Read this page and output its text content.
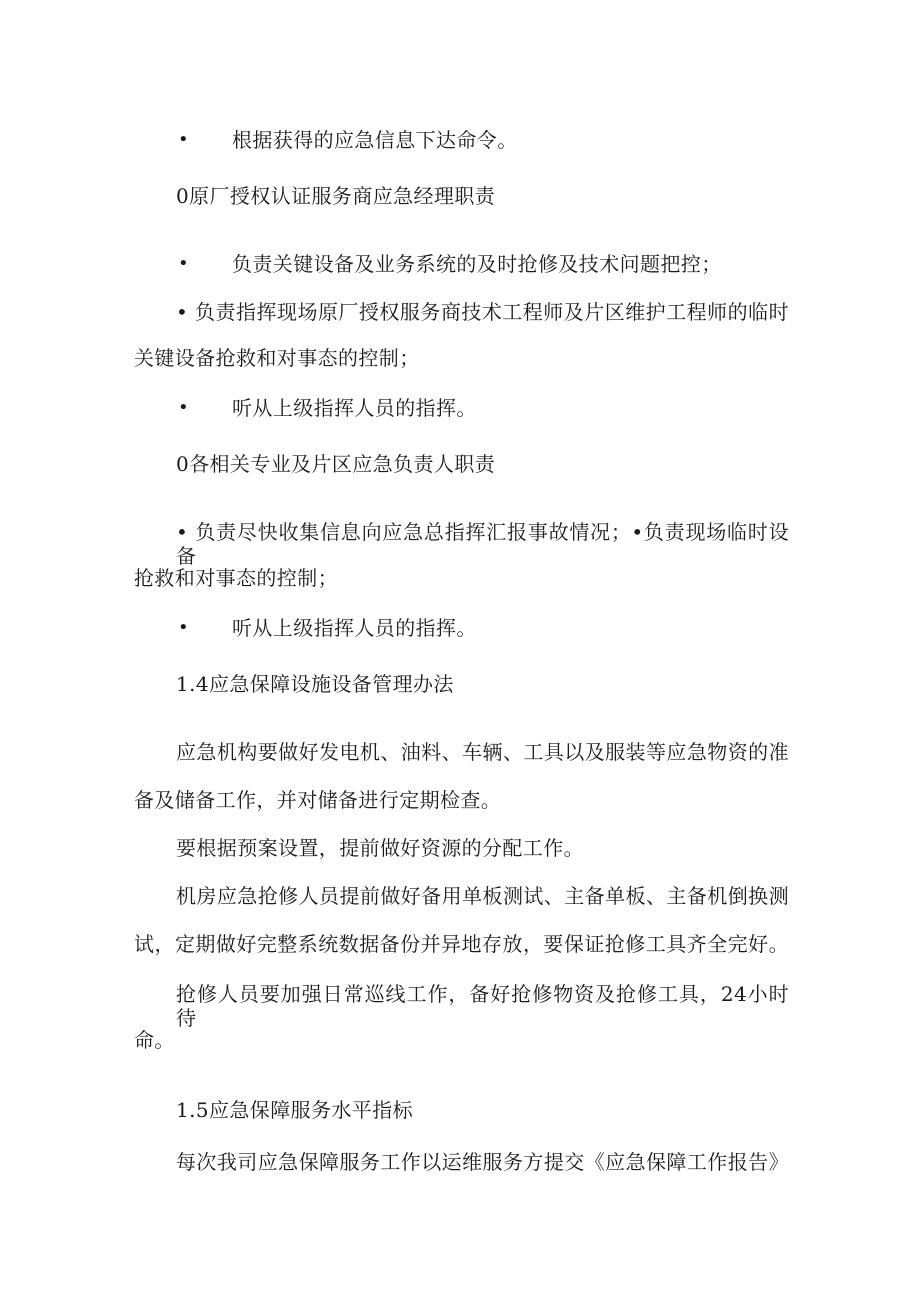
• 根据获得的应急信息下达命令。
0原厂授权认证服务商应急经理职责
• 负责关键设备及业务系统的及时抢修及技术问题把控；
• 负责指挥现场原厂授权服务商技术工程师及片区维护工程师的临时
关键设备抢救和对事态的控制；
• 听从上级指挥人员的指挥。
0各相关专业及片区应急负责人职责
• 负责尽快收集信息向应急总指挥汇报事故情况；•负责现场临时设备
抢救和对事态的控制；
• 听从上级指挥人员的指挥。
1.4应急保障设施设备管理办法
应急机构要做好发电机、油料、车辆、工具以及服装等应急物资的准
备及储备工作，并对储备进行定期检查。
要根据预案设置，提前做好资源的分配工作。
机房应急抢修人员提前做好备用单板测试、主备单板、主备机倒换测
试，定期做好完整系统数据备份并异地存放，要保证抢修工具齐全完好。
抢修人员要加强日常巡线工作，备好抢修物资及抢修工具，24小时待
命。
1.5应急保障服务水平指标
每次我司应急保障服务工作以运维服务方提交《应急保障工作报告》
